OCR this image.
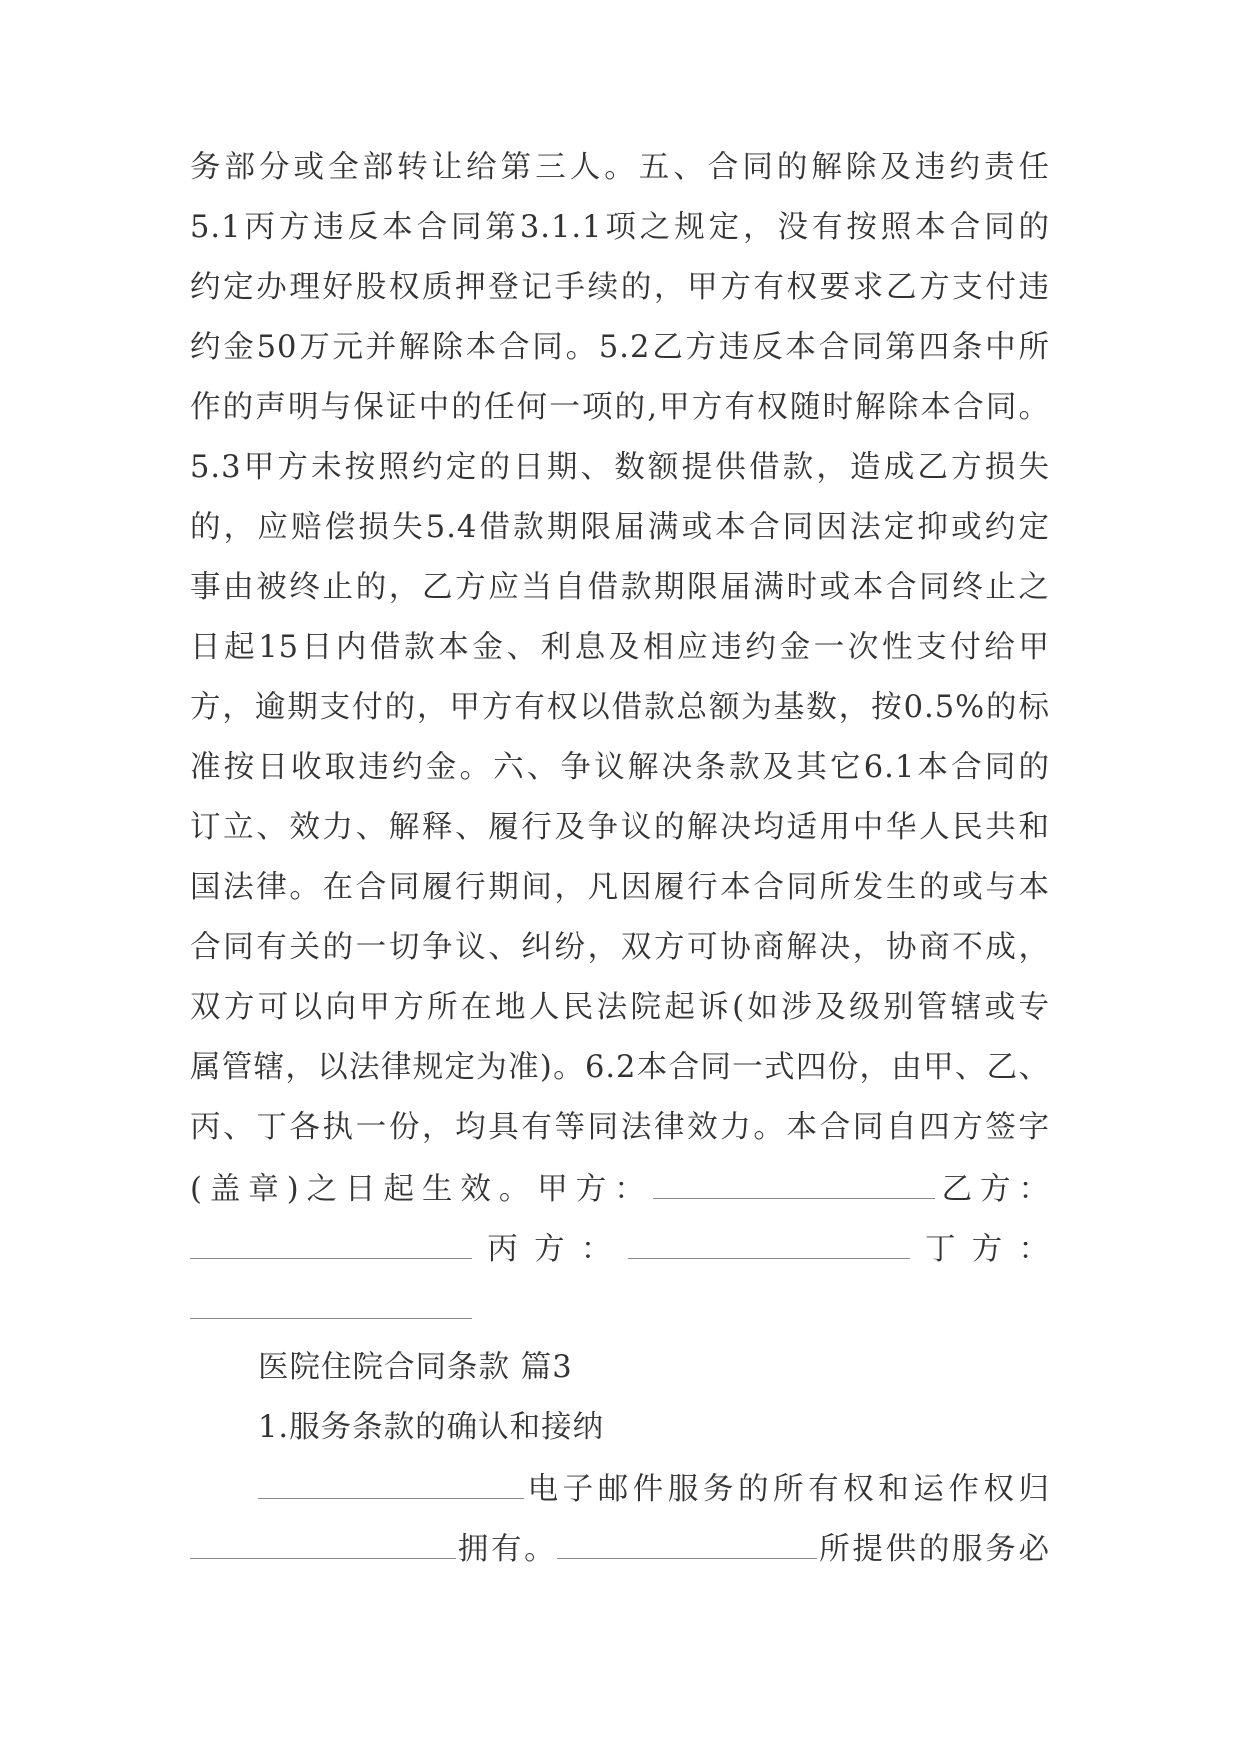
务部分或全部转让给第三人。五、合同的解除及违约责任
5.1丙方违反本合同第3.1.1项之规定，没有按照本合同的
约定办理好股权质押登记手续的，甲方有权要求乙方支付违
约金50万元并解除本合同。5.2乙方违反本合同第四条中所
作的声明与保证中的任何一项的,甲方有权随时解除本合同。
5.3甲方未按照约定的日期、数额提供借款，造成乙方损失
的，应赔偿损失5.4借款期限届满或本合同因法定抑或约定
事由被终止的，乙方应当自借款期限届满时或本合同终止之
日起15日内借款本金、利息及相应违约金一次性支付给甲
方，逾期支付的，甲方有权以借款总额为基数，按0.5%的标
准按日收取违约金。六、争议解决条款及其它6.1本合同的
订立、效力、解释、履行及争议的解决均适用中华人民共和
国法律。在合同履行期间，凡因履行本合同所发生的或与本
合同有关的一切争议、纠纷，双方可协商解决，协商不成，
双方可以向甲方所在地人民法院起诉(如涉及级别管辖或专
属管辖，以法律规定为准)。6.2本合同一式四份，由甲、乙、
丙、丁各执一份，均具有等同法律效力。本合同自四方签字
(盖章)之日起生效。甲方：	乙方：
丙方：	丁方：
医院住院合同条款 篇3
1.服务条款的确认和接纳
电子邮件服务的所有权和运作权归
拥有。	所提供的服务必
